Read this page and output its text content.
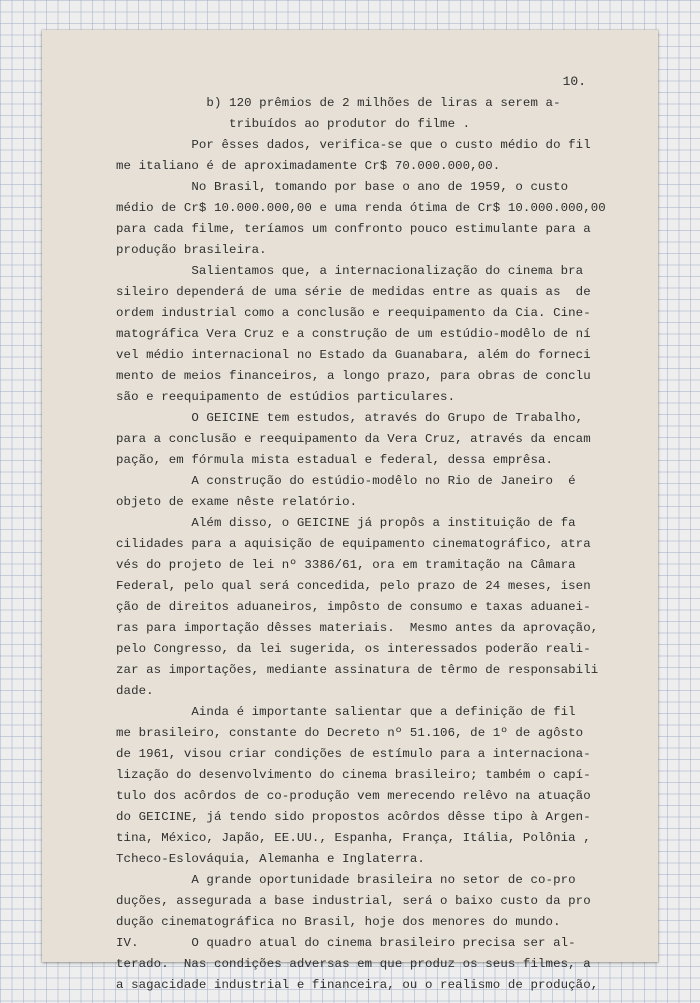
10.
b) 120 prêmios de 2 milhões de liras a serem a-
tribuídos ao produtor do filme .
Por êsses dados, verifica-se que o custo médio do fil
me italiano é de aproximadamente Cr$ 70.000.000,00.
No Brasil, tomando por base o ano de 1959, o custo
médio de Cr$ 10.000.000,00 e uma renda ótima de Cr$ 10.000.000,00
para cada filme, teríamos um confronto pouco estimulante para a
produção brasileira.
Salientamos que, a internacionalização do cinema bra
sileiro dependerá de uma série de medidas entre as quais as  de
ordem industrial como a conclusão e reequipamento da Cia. Cine-
matográfica Vera Cruz e a construção de um estúdio-modêlo de ní
vel médio internacional no Estado da Guanabara, além do forneci
mento de meios financeiros, a longo prazo, para obras de conclu
são e reequipamento de estúdios particulares.
O GEICINE tem estudos, através do Grupo de Trabalho,
para a conclusão e reequipamento da Vera Cruz, através da encam
pação, em fórmula mista estadual e federal, dessa emprêsa.
A construção do estúdio-modêlo no Rio de Janeiro  é
objeto de exame nêste relatório.
Além disso, o GEICINE já propôs a instituição de fa
cilidades para a aquisição de equipamento cinematográfico, atra
vés do projeto de lei nº 3386/61, ora em tramitação na Câmara
Federal, pelo qual será concedida, pelo prazo de 24 meses, isen
ção de direitos aduaneiros, impôsto de consumo e taxas aduanei-
ras para importação dêsses materiais.  Mesmo antes da aprovação,
pelo Congresso, da lei sugerida, os interessados poderão reali-
zar as importações, mediante assinatura de têrmo de responsabili
dade.
Ainda é importante salientar que a definição de fil
me brasileiro, constante do Decreto nº 51.106, de 1º de agôsto
de 1961, visou criar condições de estímulo para a internaciona-
lização do desenvolvimento do cinema brasileiro; também o capí-
tulo dos acôrdos de co-produção vem merecendo relêvo na atuação
do GEICINE, já tendo sido propostos acôrdos dêsse tipo à Argen-
tina, México, Japão, EE.UU., Espanha, França, Itália, Polônia ,
Tcheco-Eslováquia, Alemanha e Inglaterra.
A grande oportunidade brasileira no setor de co-pro
duções, assegurada a base industrial, será o baixo custo da pro
dução cinematográfica no Brasil, hoje dos menores do mundo.
IV.       O quadro atual do cinema brasileiro precisa ser al-
terado.  Nas condições adversas em que produz os seus filmes, a
a sagacidade industrial e financeira, ou o realismo de produção,
